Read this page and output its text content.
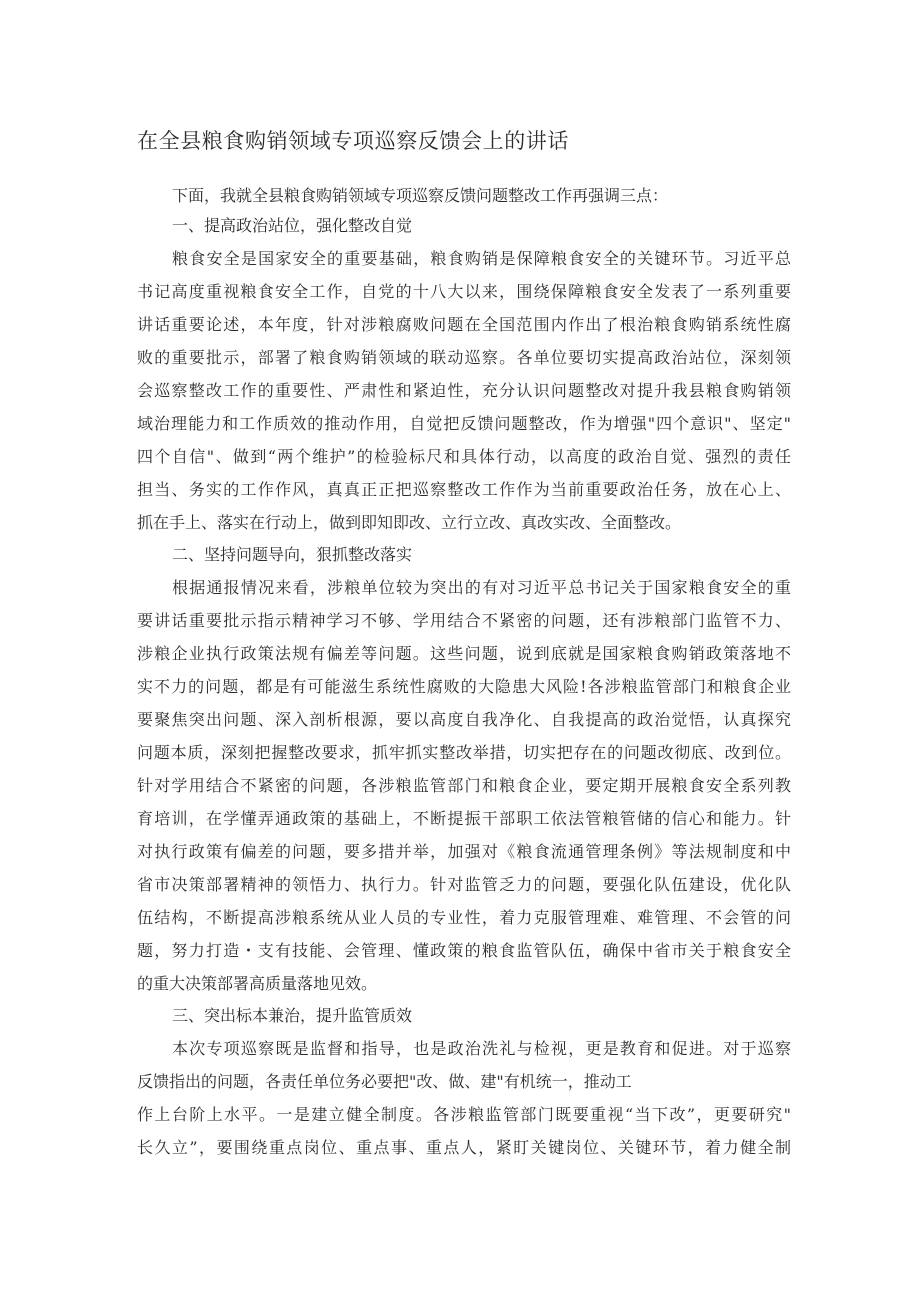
在全县粮食购销领域专项巡察反馈会上的讲话

下面，我就全县粮食购销领域专项巡察反馈问题整改工作再强调三点：

一、提高政治站位，强化整改自觉

粮食安全是国家安全的重要基础，粮食购销是保障粮食安全的关键环节。习近平总

书记高度重视粮食安全工作，自党的十八大以来，围绕保障粮食安全发表了一系列重要

讲话重要论述，本年度，针对涉粮腐败问题在全国范围内作出了根治粮食购销系统性腐

败的重要批示，部署了粮食购销领域的联动巡察。各单位要切实提高政治站位，深刻领

会巡察整改工作的重要性、严肃性和紧迫性，充分认识问题整改对提升我县粮食购销领

域治理能力和工作质效的推动作用，自觉把反馈问题整改，作为增强"四个意识"、坚定"

四个自信"、做到“两个维护”的检验标尺和具体行动，以高度的政治自觉、强烈的责任

担当、务实的工作作风，真真正正把巡察整改工作作为当前重要政治任务，放在心上、

抓在手上、落实在行动上，做到即知即改、立行立改、真改实改、全面整改。

二、坚持问题导向，狠抓整改落实

根据通报情况来看，涉粮单位较为突出的有对习近平总书记关于国家粮食安全的重

要讲话重要批示指示精神学习不够、学用结合不紧密的问题，还有涉粮部门监管不力、

涉粮企业执行政策法规有偏差等问题。这些问题，说到底就是国家粮食购销政策落地不

实不力的问题，都是有可能滋生系统性腐败的大隐患大风险!各涉粮监管部门和粮食企业

要聚焦突出问题、深入剖析根源，要以高度自我净化、自我提高的政治觉悟，认真探究

问题本质，深刻把握整改要求，抓牢抓实整改举措，切实把存在的问题改彻底、改到位。

针对学用结合不紧密的问题，各涉粮监管部门和粮食企业，要定期开展粮食安全系列教

育培训，在学懂弄通政策的基础上，不断提振干部职工依法管粮管储的信心和能力。针

对执行政策有偏差的问题，要多措并举，加强对《粮食流通管理条例》等法规制度和中

省市决策部署精神的领悟力、执行力。针对监管乏力的问题，要强化队伍建设，优化队

伍结构，不断提高涉粮系统从业人员的专业性，着力克服管理难、难管理、不会管的问

题，努力打造・支有技能、会管理、懂政策的粮食监管队伍，确保中省市关于粮食安全

的重大决策部署高质量落地见效。

三、突出标本兼治，提升监管质效

本次专项巡察既是监督和指导，也是政治洗礼与检视，更是教育和促进。对于巡察

反馈指出的问题，各责任单位务必要把"改、做、建"有机统一，推动工

作上台阶上水平。一是建立健全制度。各涉粮监管部门既要重视“当下改”，更要研究"

长久立”，要围绕重点岗位、重点事、重点人，紧盯关键岗位、关键环节，着力健全制
